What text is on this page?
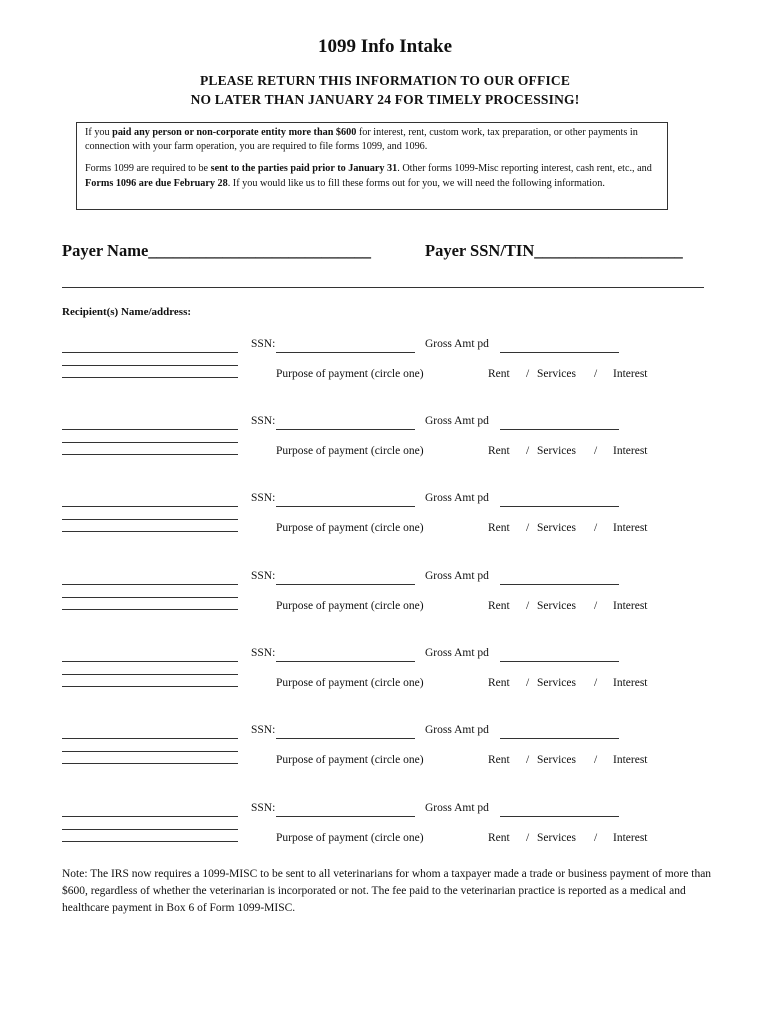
1099 Info Intake
PLEASE RETURN THIS INFORMATION TO OUR OFFICE
NO LATER THAN JANUARY 24 FOR TIMELY PROCESSING!

If you paid any person or non-corporate entity more than $600 for interest, rent, custom work, tax preparation, or other payments in connection with your farm operation, you are required to file forms 1099, and 1096.

Forms 1099 are required to be sent to the parties paid prior to January 31. Other forms 1099-Misc reporting interest, cash rent, etc., and Forms 1096 are due February 28. If you would like us to fill these forms out for you, we will need the following information.

Payer Name___________________________	Payer SSN/TIN__________________
Recipient(s) Name/address:
SSN:	Gross Amt pd
Purpose of payment (circle one)	Rent / Services / Interest
SSN:	Gross Amt pd
Purpose of payment (circle one)	Rent / Services / Interest
SSN:	Gross Amt pd
Purpose of payment (circle one)	Rent / Services / Interest
SSN:	Gross Amt pd
Purpose of payment (circle one)	Rent / Services / Interest
SSN:	Gross Amt pd
Purpose of payment (circle one)	Rent / Services / Interest
SSN:	Gross Amt pd
Purpose of payment (circle one)	Rent / Services / Interest
SSN:	Gross Amt pd
Purpose of payment (circle one)	Rent / Services / Interest
Note: The IRS now requires a 1099-MISC to be sent to all veterinarians for whom a taxpayer made a trade or business payment of more than $600, regardless of whether the veterinarian is incorporated or not. The fee paid to the veterinarian practice is reported as a medical and healthcare payment in Box 6 of Form 1099-MISC.
